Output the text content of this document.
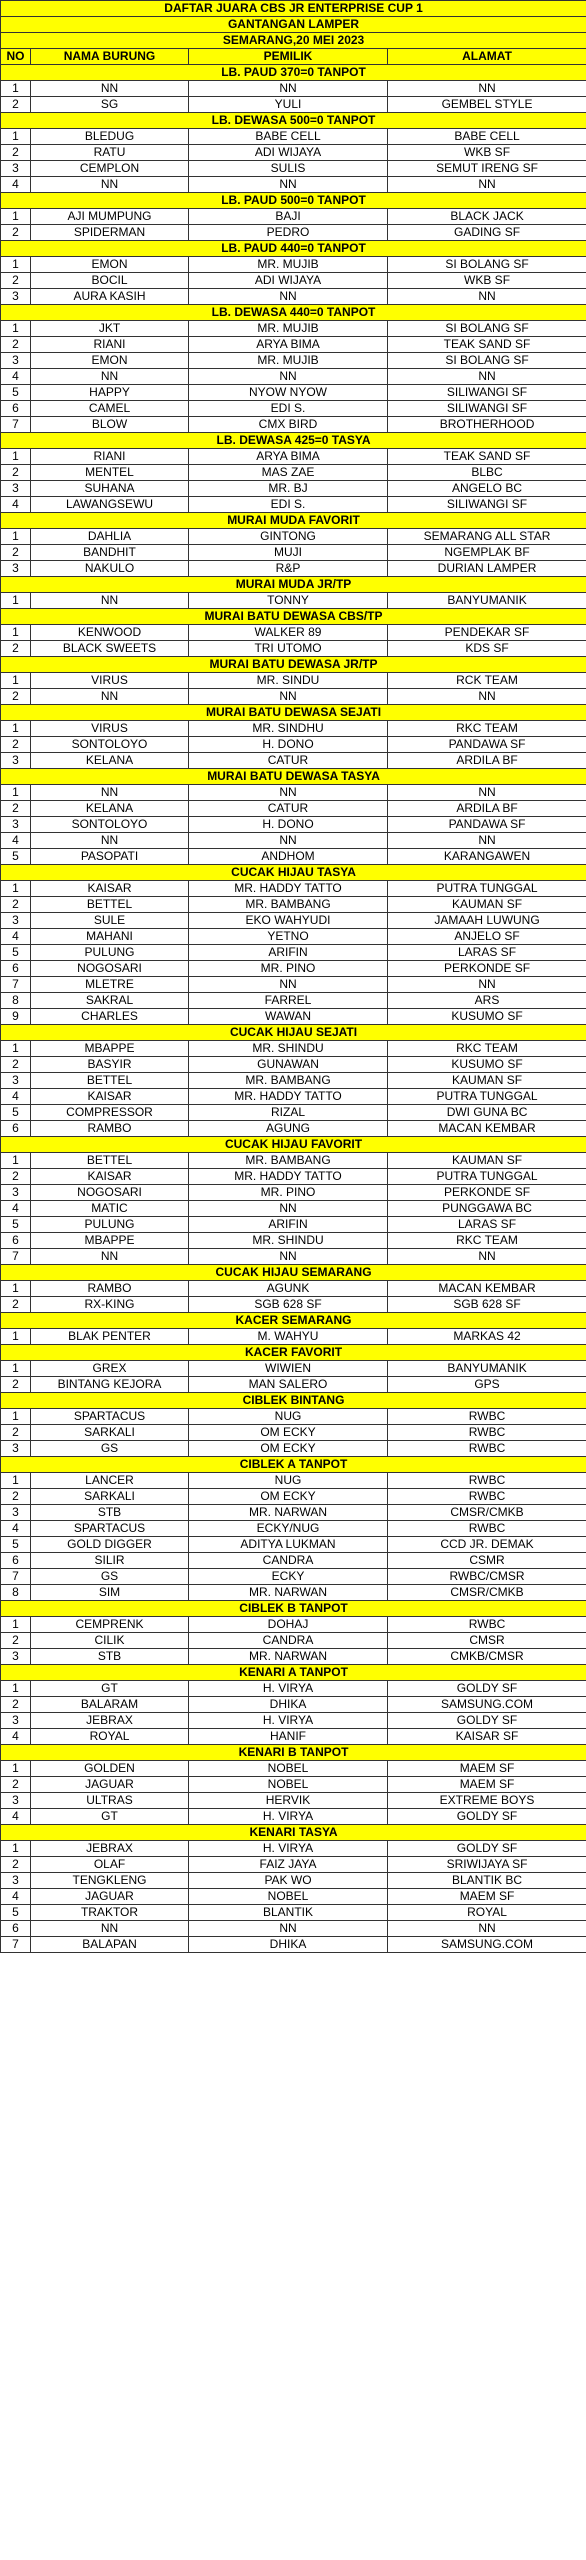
DAFTAR JUARA CBS JR ENTERPRISE CUP 1			
GANTANGAN LAMPER			
SEMARANG,20 MEI 2023			
NO	NAMA BURUNG	PEMILIK	ALAMAT
LB. PAUD 370=0 TANPOT			
1	NN	NN	NN
2	SG	YULI	GEMBEL STYLE
LB. DEWASA 500=0 TANPOT			
1	BLEDUG	BABE CELL	BABE CELL
2	RATU	ADI WIJAYA	WKB SF
3	CEMPLON	SULIS	SEMUT IRENG SF
4	NN	NN	NN
LB. PAUD 500=0 TANPOT			
1	AJI MUMPUNG	BAJI	BLACK JACK
2	SPIDERMAN	PEDRO	GADING SF
LB. PAUD 440=0 TANPOT			
1	EMON	MR. MUJIB	SI BOLANG SF
2	BOCIL	ADI WIJAYA	WKB SF
3	AURA KASIH	NN	NN
LB. DEWASA 440=0 TANPOT			
1	JKT	MR. MUJIB	SI BOLANG SF
2	RIANI	ARYA BIMA	TEAK SAND SF
3	EMON	MR. MUJIB	SI BOLANG SF
4	NN	NN	NN
5	HAPPY	NYOW NYOW	SILIWANGI SF
6	CAMEL	EDI S.	SILIWANGI SF
7	BLOW	CMX BIRD	BROTHERHOOD
LB. DEWASA 425=0 TASYA			
1	RIANI	ARYA BIMA	TEAK SAND SF
2	MENTEL	MAS ZAE	BLBC
3	SUHANA	MR. BJ	ANGELO BC
4	LAWANGSEWU	EDI S.	SILIWANGI SF
MURAI MUDA FAVORIT			
1	DAHLIA	GINTONG	SEMARANG ALL STAR
2	BANDHIT	MUJI	NGEMPLAK BF
3	NAKULO	R&P	DURIAN LAMPER
MURAI MUDA JR/TP			
1	NN	TONNY	BANYUMANIK
MURAI BATU DEWASA CBS/TP			
1	KENWOOD	WALKER 89	PENDEKAR SF
2	BLACK SWEETS	TRI UTOMO	KDS SF
MURAI BATU DEWASA JR/TP			
1	VIRUS	MR. SINDU	RCK TEAM
2	NN	NN	NN
MURAI BATU DEWASA SEJATI			
1	VIRUS	MR. SINDHU	RKC TEAM
2	SONTOLOYO	H. DONO	PANDAWA SF
3	KELANA	CATUR	ARDILA BF
MURAI BATU DEWASA TASYA			
1	NN	NN	NN
2	KELANA	CATUR	ARDILA BF
3	SONTOLOYO	H. DONO	PANDAWA SF
4	NN	NN	NN
5	PASOPATI	ANDHOM	KARANGAWEN
CUCAK HIJAU TASYA			
1	KAISAR	MR. HADDY TATTO	PUTRA TUNGGAL
2	BETTEL	MR. BAMBANG	KAUMAN SF
3	SULE	EKO WAHYUDI	JAMAAH LUWUNG
4	MAHANI	YETNO	ANJELO SF
5	PULUNG	ARIFIN	LARAS SF
6	NOGOSARI	MR. PINO	PERKONDE SF
7	MLETRE	NN	NN
8	SAKRAL	FARREL	ARS
9	CHARLES	WAWAN	KUSUMO SF
CUCAK HIJAU SEJATI			
1	MBAPPE	MR. SHINDU	RKC TEAM
2	BASYIR	GUNAWAN	KUSUMO SF
3	BETTEL	MR. BAMBANG	KAUMAN SF
4	KAISAR	MR. HADDY TATTO	PUTRA TUNGGAL
5	COMPRESSOR	RIZAL	DWI GUNA BC
6	RAMBO	AGUNG	MACAN KEMBAR
CUCAK HIJAU FAVORIT			
1	BETTEL	MR. BAMBANG	KAUMAN SF
2	KAISAR	MR. HADDY TATTO	PUTRA TUNGGAL
3	NOGOSARI	MR. PINO	PERKONDE SF
4	MATIC	NN	PUNGGAWA BC
5	PULUNG	ARIFIN	LARAS SF
6	MBAPPE	MR. SHINDU	RKC TEAM
7	NN	NN	NN
CUCAK HIJAU SEMARANG			
1	RAMBO	AGUNK	MACAN KEMBAR
2	RX-KING	SGB 628 SF	SGB 628 SF
KACER SEMARANG			
1	BLAK PENTER	M. WAHYU	MARKAS 42
KACER FAVORIT			
1	GREX	WIWIEN	BANYUMANIK
2	BINTANG KEJORA	MAN SALERO	GPS
CIBLEK BINTANG			
1	SPARTACUS	NUG	RWBC
2	SARKALI	OM ECKY	RWBC
3	GS	OM ECKY	RWBC
CIBLEK A TANPOT			
1	LANCER	NUG	RWBC
2	SARKALI	OM ECKY	RWBC
3	STB	MR. NARWAN	CMSR/CMKB
4	SPARTACUS	ECKY/NUG	RWBC
5	GOLD DIGGER	ADITYA LUKMAN	CCD JR. DEMAK
6	SILIR	CANDRA	CSMR
7	GS	ECKY	RWBC/CMSR
8	SIM	MR. NARWAN	CMSR/CMKB
CIBLEK B TANPOT			
1	CEMPRENK	DOHAJ	RWBC
2	CILIK	CANDRA	CMSR
3	STB	MR. NARWAN	CMKB/CMSR
KENARI A TANPOT			
1	GT	H. VIRYA	GOLDY SF
2	BALARAM	DHIKA	SAMSUNG.COM
3	JEBRAX	H. VIRYA	GOLDY SF
4	ROYAL	HANIF	KAISAR SF
KENARI B TANPOT			
1	GOLDEN	NOBEL	MAEM SF
2	JAGUAR	NOBEL	MAEM SF
3	ULTRAS	HERVIK	EXTREME BOYS
4	GT	H. VIRYA	GOLDY SF
KENARI TASYA			
1	JEBRAX	H. VIRYA	GOLDY SF
2	OLAF	FAIZ JAYA	SRIWIJAYA SF
3	TENGKLENG	PAK WO	BLANTIK BC
4	JAGUAR	NOBEL	MAEM SF
5	TRAKTOR	BLANTIK	ROYAL
6	NN	NN	NN
7	BALAPAN	DHIKA	SAMSUNG.COM
